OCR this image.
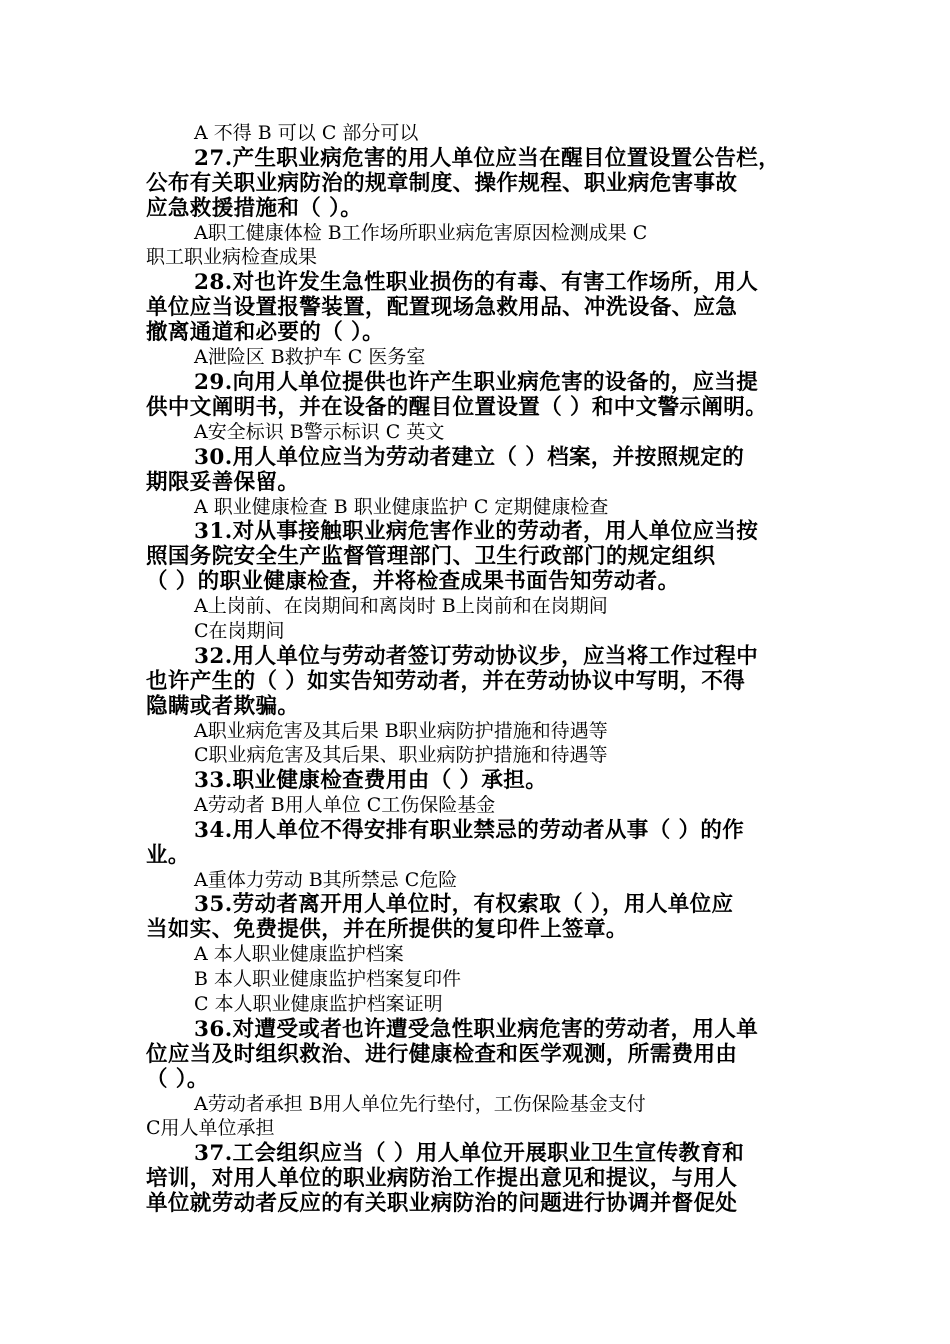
A 不得 B 可以 C 部分可以

27.产生职业病危害的用人单位应当在醒目位置设置公告栏，

公布有关职业病防治的规章制度、操作规程、职业病危害事故

应急救援措施和（ ）。

A职工健康体检 B工作场所职业病危害原因检测成果 C

职工职业病检查成果

28.对也许发生急性职业损伤的有毒、有害工作场所，用人

单位应当设置报警装置，配置现场急救用品、冲洗设备、应急

撤离通道和必要的（ ）。

A泄险区 B救护车 C 医务室

29.向用人单位提供也许产生职业病危害的设备的，应当提

供中文阐明书，并在设备的醒目位置设置（ ）和中文警示阐明。

A安全标识 B警示标识 C 英文

30.用人单位应当为劳动者建立（ ）档案，并按照规定的

期限妥善保留。

A 职业健康检查 B 职业健康监护 C 定期健康检查

31.对从事接触职业病危害作业的劳动者，用人单位应当按

照国务院安全生产监督管理部门、卫生行政部门的规定组织

（ ）的职业健康检查，并将检查成果书面告知劳动者。

A上岗前、在岗期间和离岗时 B上岗前和在岗期间

C在岗期间

32.用人单位与劳动者签订劳动协议步，应当将工作过程中

也许产生的（ ）如实告知劳动者，并在劳动协议中写明，不得

隐瞒或者欺骗。

A职业病危害及其后果 B职业病防护措施和待遇等

C职业病危害及其后果、职业病防护措施和待遇等

33.职业健康检查费用由（ ）承担。

A劳动者 B用人单位 C工伤保险基金

34.用人单位不得安排有职业禁忌的劳动者从事（ ）的作

业。

A重体力劳动 B其所禁忌 C危险

35.劳动者离开用人单位时，有权索取（ ），用人单位应

当如实、免费提供，并在所提供的复印件上签章。

A 本人职业健康监护档案

B 本人职业健康监护档案复印件

C 本人职业健康监护档案证明

36.对遭受或者也许遭受急性职业病危害的劳动者，用人单

位应当及时组织救治、进行健康检查和医学观测，所需费用由

（ ）。

A劳动者承担 B用人单位先行垫付，工伤保险基金支付

C用人单位承担

37.工会组织应当（ ）用人单位开展职业卫生宣传教育和

培训，对用人单位的职业病防治工作提出意见和提议，与用人

单位就劳动者反应的有关职业病防治的问题进行协调并督促处
